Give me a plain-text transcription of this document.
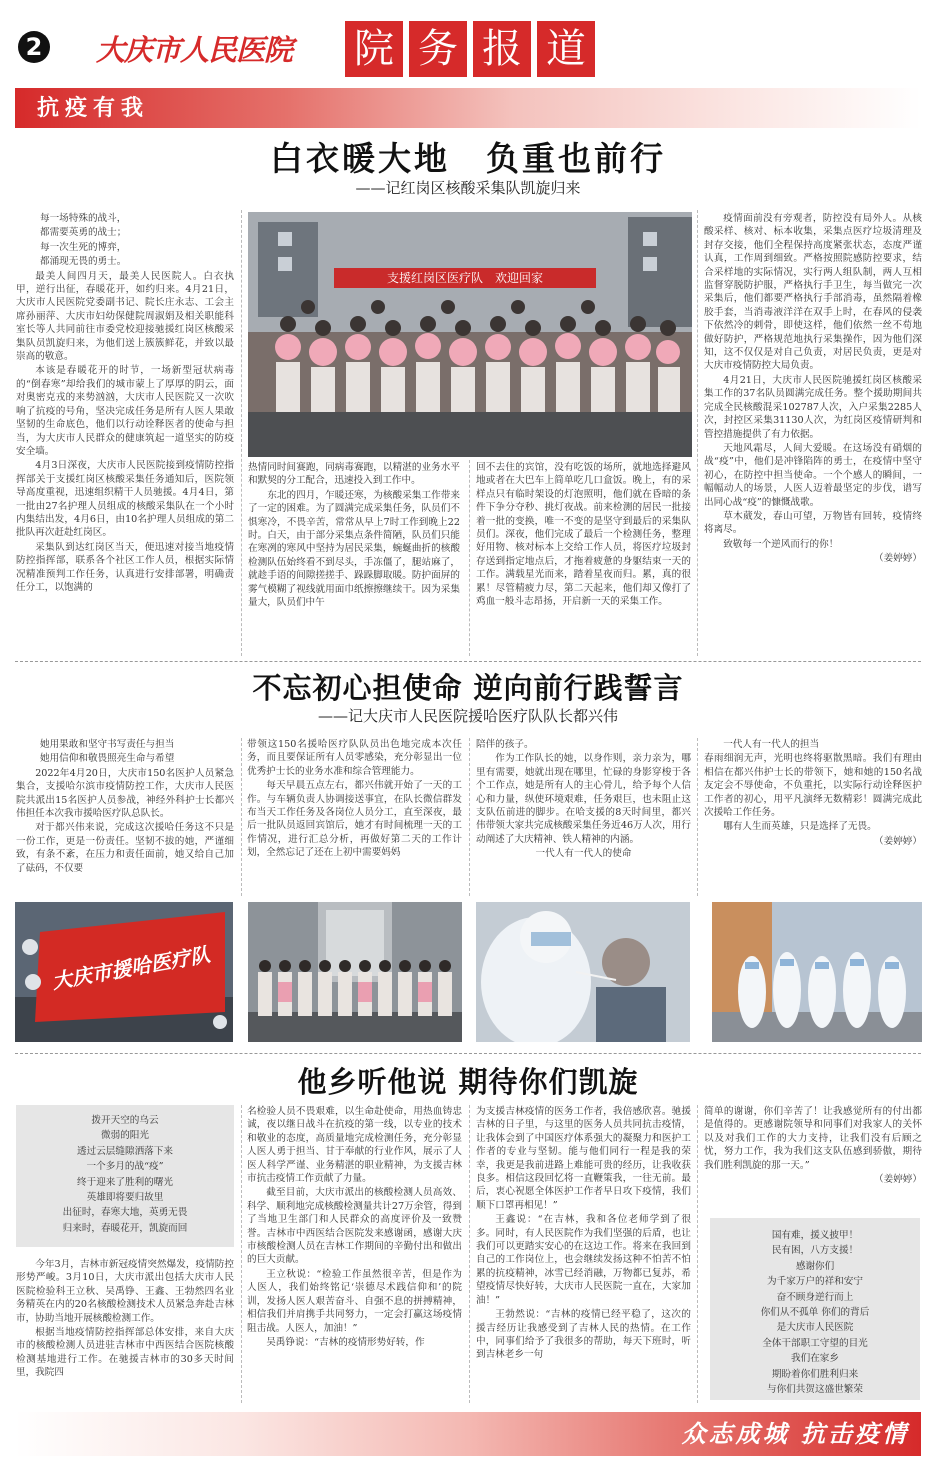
2 大庆市人民医院 院 务 报 道
抗疫有我
白衣暖大地　负重也前行
——记红岗区核酸采集队凯旋归来

每一场特殊的战斗，

都需要英勇的战士；

每一次生死的博弈，

都涌现无畏的勇士。

最美人间四月天，最美人民医院人。白衣执甲，逆行出征，春暖花开，如约归来。4月21日，大庆市人民医院党委副书记、院长庄永志、工会主席孙丽萍、大庆市妇幼保健院周淑娟及相关职能科室长等人共同前往市委党校迎接驰援红岗区核酸采集队员凯旋归来，为他们送上簇簇鲜花，并致以最崇高的敬意。

本该是春暖花开的时节，一场新型冠状病毒的“倒春寒”却给我们的城市蒙上了厚厚的阴云，面对奥密克戎的来势汹汹，大庆市人民医院又一次吹响了抗疫的号角，坚决完成任务是所有人医人果敢坚韧的生命底色，他们以行动诠释医者的使命与担当，为大庆市人民群众的健康筑起一道坚实的防疫安全墙。

4月3日深夜，大庆市人民医院接到疫情防控指挥部关于支援红岗区核酸采集任务通知后，医院领导高度重视，迅速组织精干人员驰援。4月4日，第一批由27名护理人员组成的核酸采集队在一个小时内集结出发，4月6日，由10名护理人员组成的第二批队再次赶赴红岗区。

采集队到达红岗区当天，便迅速对接当地疫情防控指挥部，联系各个社区工作人员，根据实际情况精准预判工作任务，认真进行安排部署，明确责任分工，以饱满的

支援红岗区医疗队　欢迎回家

热情同时间赛跑，同病毒赛跑，以精湛的业务水平和默契的分工配合，迅速投入到工作中。

东北的四月，乍暖还寒，为核酸采集工作带来了一定的困难。为了圆满完成采集任务，队员们不惧寒冷，不畏辛苦，常常从早上7时工作到晚上22时。白天，由于部分采集点条件简陋，队员们只能在寒冽的寒风中坚持为居民采集，蜿蜒曲折的核酸检测队伍始终看不到尽头，手冻僵了，腿站麻了，就趁手语的间隙搓搓手、跺跺脚取暖。防护面屏的雾气模糊了视线就用面巾纸擦擦继续干。因为采集量大，队员们中午

回不去住的宾馆，没有吃饭的场所，就地选择避风地或者在大巴车上简单吃几口盒饭。晚上，有的采样点只有临时架设的灯泡照明，他们就在昏暗的条件下争分夺秒、挑灯夜战。前来检测的居民一批接着一批的变换，唯一不变的是坚守到最后的采集队员们。深夜，他们完成了最后一个检测任务，整理好用物、核对标本上交给工作人员，将医疗垃圾封存送到指定地点后，才拖着疲惫的身躯结束一天的工作。满载星光而来，踏着星夜而归。累，真的很累！尽管精疲力尽，第二天起来，他们却又像打了鸡血一般斗志昂扬，开启新一天的采集工作。

疫情面前没有旁观者，防控没有局外人。从核酸采样、核对、标本收集，采集点医疗垃圾清理及封存交接，他们全程保持高度紧张状态，态度严谨认真，工作周到细致。严格按照院感防控要求，结合采样地的实际情况，实行两人组队制，两人互相监督穿脱防护服，严格执行手卫生，每当做完一次采集后，他们都要严格执行手部消毒，虽然隔着橡胶手套，当消毒液洋洋在双手上时，在春风的侵袭下依然冷的刺骨，即使这样，他们依然一丝不苟地做好防护，严格规范地执行采集操作，因为他们深知，这不仅仅是对自己负责，对居民负责，更是对大庆市疫情防控大局负责。

4月21日，大庆市人民医院驰援红岗区核酸采集工作的37名队员圆满完成任务。整个援助期间共完成全民核酸混采102787人次，入户采集2285人次，封控区采集31130人次，为红岗区疫情研判和管控措施提供了有力依据。

天地风霜尽，人间大爱暖。在这场没有硝烟的战“疫”中，他们是冲锋陷阵的勇士，在疫情中坚守初心，在防控中担当使命。一个个感人的瞬间，一幅幅动人的场景，人医人迈着最坚定的步伐，谱写出同心战“疫”的慷慨战歌。

草木葳发，春山可望，万物皆有回转，疫情终将离尽。

致敬每一个逆风而行的你！

（姜婷婷）

不忘初心担使命 逆向前行践誓言
——记大庆市人民医院援哈医疗队队长都兴伟

她用果敢和坚守书写责任与担当

她用信仰和敬畏照亮生命与希望

2022年4月20日，大庆市150名医护人员紧急集合，支援哈尔滨市疫情防控工作，大庆市人民医院共派出15名医护人员参战，神经外科护士长都兴伟担任本次我市援哈医疗队总队长。

对于都兴伟来说，完成这次援哈任务这不只是一份工作，更是一份责任。坚韧不拔的她，严谨细致，有条不紊，在压力和责任面前，她又给自己加了砝码，不仅要

带领这150名援哈医疗队队员出色地完成本次任务，而且要保证所有人员零感染，充分彰显出一位优秀护士长的业务水准和综合管理能力。

每天早晨五点左右，都兴伟就开始了一天的工作。与车辆负责人协调接送事宜，在队长微信群发布当天工作任务及各岗位人员分工，直至深夜，最后一批队员返回宾馆后，她才有时间梳理一天的工作情况，进行汇总分析，再做好第二天的工作计划，全然忘记了还在上初中需要妈妈

陪伴的孩子。

作为工作队长的她，以身作则，亲力亲为，哪里有需要，她就出现在哪里，忙碌的身影穿梭于各个工作点，她是所有人的主心骨儿，给予每个人信心和力量，纵使环境艰难，任务艰巨，也未阻止这支队伍前进的脚步。在哈支援的8天时间里，都兴伟带领大家共完成核酸采集任务近46万人次，用行动阐述了大庆精神、铁人精神的内涵。

一代人有一代人的使命

一代人有一代人的担当

春雨细润无声，光明也终将驱散黑暗。我们有理由相信在都兴伟护士长的带领下，她和她的150名战友定会不辱使命，不负重托，以实际行动诠释医护工作者的初心，用平凡演绎无数精彩！圆满完成此次援哈工作任务。

哪有人生而英雄，只是选择了无畏。

（姜婷婷）

大庆市援哈医疗队
他乡听他说 期待你们凯旋
拨开天空的乌云
微弱的阳光
透过云层缝隙洒落下来
一个多月的战“疫”
终于迎来了胜利的曙光
英雄即将要归故里
出征时，春寒大地，英勇无畏
归来时，春暖花开，凯旋而回

今年3月，吉林市新冠疫情突然爆发，疫情防控形势严峻。3月10日，大庆市派出包括大庆市人民医院检验科王立秋、吴禹铮、王鑫、王勃然四名业务精英在内的20名核酸检测技术人员紧急奔赴吉林市，协助当地开展核酸检测工作。

根据当地疫情防控指挥部总体安排，来自大庆市的核酸检测人员进驻吉林市中西医结合医院核酸检测基地进行工作。在驰援吉林市的30多天时间里，我院四

名检验人员不畏艰难，以生命赴使命，用热血铸忠诚，夜以继日战斗在抗疫的第一线，以专业的技术和敬业的态度，高质量地完成检测任务，充分彰显人医人勇于担当、甘于奉献的行业作风，展示了人医人科学严谨、业务精湛的职业精神，为支援吉林市抗击疫情工作贡献了力量。

截至目前，大庆市派出的核酸检测人员高效、科学、顺利地完成核酸检测量共计27万余管，得到了当地卫生部门和人民群众的高度评价及一致赞誉。吉林市中西医结合医院发来感谢函，感谢大庆市核酸检测人员在吉林工作期间的辛勤付出和做出的巨大贡献。

王立秋说：“检验工作虽然很辛苦，但是作为人医人，我们始终铭记‘崇德尽术践信仰和’的院训，发扬人医人艰苦奋斗、自强不息的拼搏精神，相信我们并肩携手共同努力，一定会打赢这场疫情阻击战。人医人，加油！”

吴禹铮说：“吉林的疫情形势好转，作

为支援吉林疫情的医务工作者，我倍感欣喜。驰援吉林的日子里，与这里的医务人员共同抗击疫情，让我体会到了中国医疗体系强大的凝聚力和医护工作者的专业与坚韧。能与他们同行一程是我的荣幸，我更是我前进路上难能可贵的经历，让我收获良多。相信这段回忆将一直鞭策我，一往无前。最后，衷心祝愿全体医护工作者早日攻下疫情，我们顺下口罩再相见！”

王鑫说：“在吉林，我和各位老师学到了很多。同时，有人民医院作为我们坚强的后盾，也让我们可以更踏实安心的在这边工作。将来在我回到自己的工作岗位上，也会继续发扬这种不怕苦不怕累的抗疫精神，冰雪已经消融，万物都已复苏，希望疫情尽快好转，大庆市人民医院一直在，大家加油！”

王勃然说：“吉林的疫情已经平稳了，这次的援吉经历让我感受到了吉林人民的热情。在工作中，同事们给予了我很多的帮助，每天下班时，听到吉林老乡一句

简单的谢谢，你们辛苦了！让我感觉所有的付出都是值得的。更感谢院领导和同事们对我家人的关怀以及对我们工作的大力支持，让我们没有后顾之忧，努力工作，我为我们这支队伍感到骄傲，期待我们胜利凯旋的那一天。”

（姜婷婷）

国有难，援义披甲！
民有困，八方支援！
感谢你们
为千家万户的祥和安宁
奋不顾身逆行而上
你们从不孤单 你们的背后
是大庆市人民医院
全体干部职工守望的目光
我们在家乡
期盼着你们胜利归来
与你们共贺这盛世繁荣
众志成城 抗击疫情
